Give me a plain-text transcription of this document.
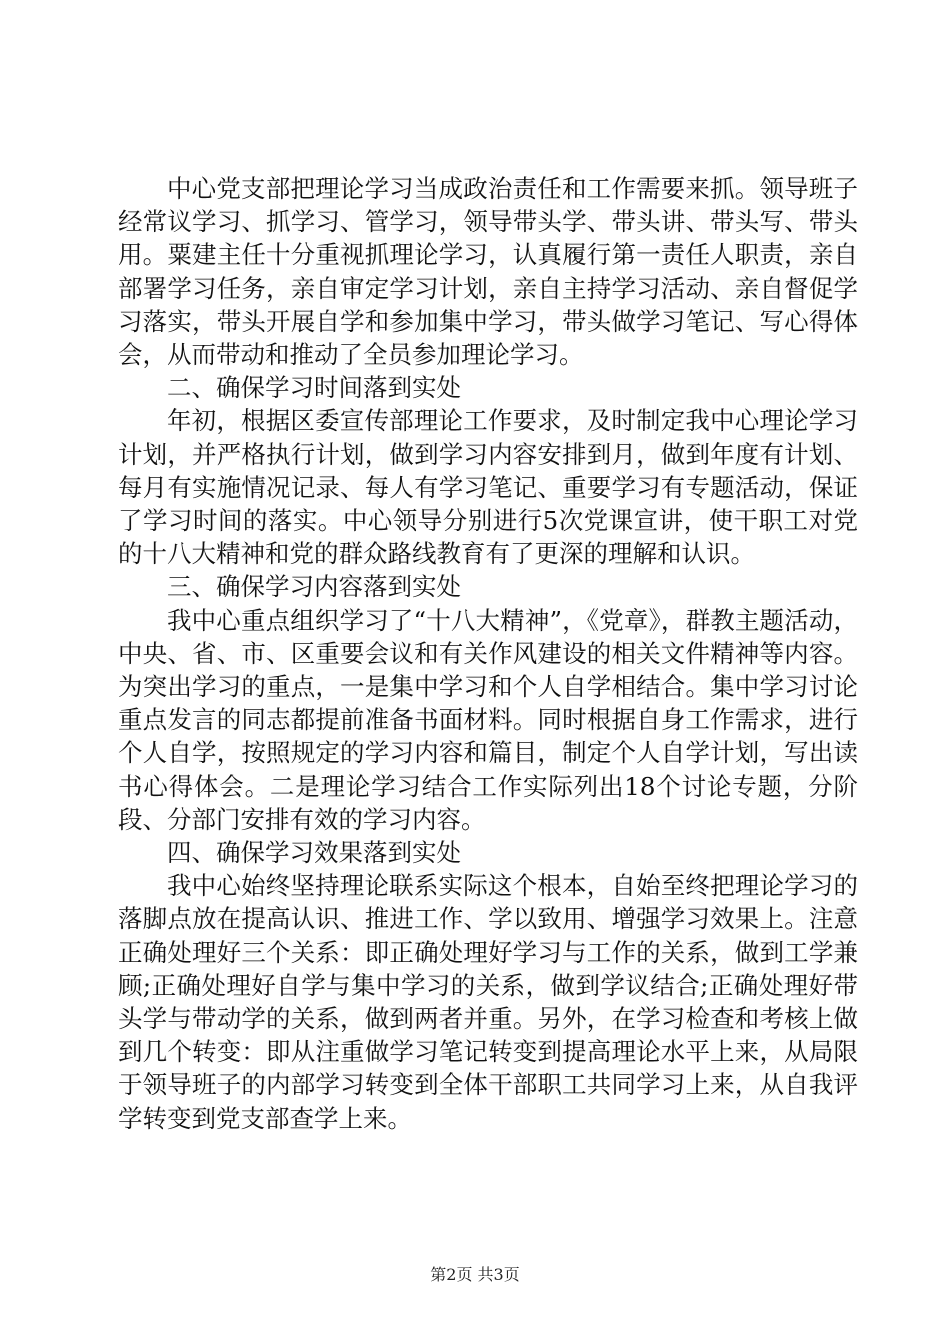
中心党支部把理论学习当成政治责任和工作需要来抓。领导班子经常议学习、抓学习、管学习，领导带头学、带头讲、带头写、带头用。粟建主任十分重视抓理论学习，认真履行第一责任人职责，亲自部署学习任务，亲自审定学习计划，亲自主持学习活动、亲自督促学习落实，带头开展自学和参加集中学习，带头做学习笔记、写心得体会，从而带动和推动了全员参加理论学习。

二、确保学习时间落到实处

年初，根据区委宣传部理论工作要求，及时制定我中心理论学习计划，并严格执行计划，做到学习内容安排到月，做到年度有计划、每月有实施情况记录、每人有学习笔记、重要学习有专题活动，保证了学习时间的落实。中心领导分别进行5次党课宣讲，使干职工对党的十八大精神和党的群众路线教育有了更深的理解和认识。

三、确保学习内容落到实处

我中心重点组织学习了“十八大精神”，《党章》，群教主题活动，中央、省、市、区重要会议和有关作风建设的相关文件精神等内容。为突出学习的重点，一是集中学习和个人自学相结合。集中学习讨论重点发言的同志都提前准备书面材料。同时根据自身工作需求，进行个人自学，按照规定的学习内容和篇目，制定个人自学计划，写出读书心得体会。二是理论学习结合工作实际列出18个讨论专题，分阶段、分部门安排有效的学习内容。

四、确保学习效果落到实处

我中心始终坚持理论联系实际这个根本，自始至终把理论学习的落脚点放在提高认识、推进工作、学以致用、增强学习效果上。注意正确处理好三个关系：即正确处理好学习与工作的关系，做到工学兼顾;正确处理好自学与集中学习的关系，做到学议结合;正确处理好带头学与带动学的关系，做到两者并重。另外，在学习检查和考核上做到几个转变：即从注重做学习笔记转变到提高理论水平上来，从局限于领导班子的内部学习转变到全体干部职工共同学习上来，从自我评学转变到党支部查学上来。

第2页 共3页
